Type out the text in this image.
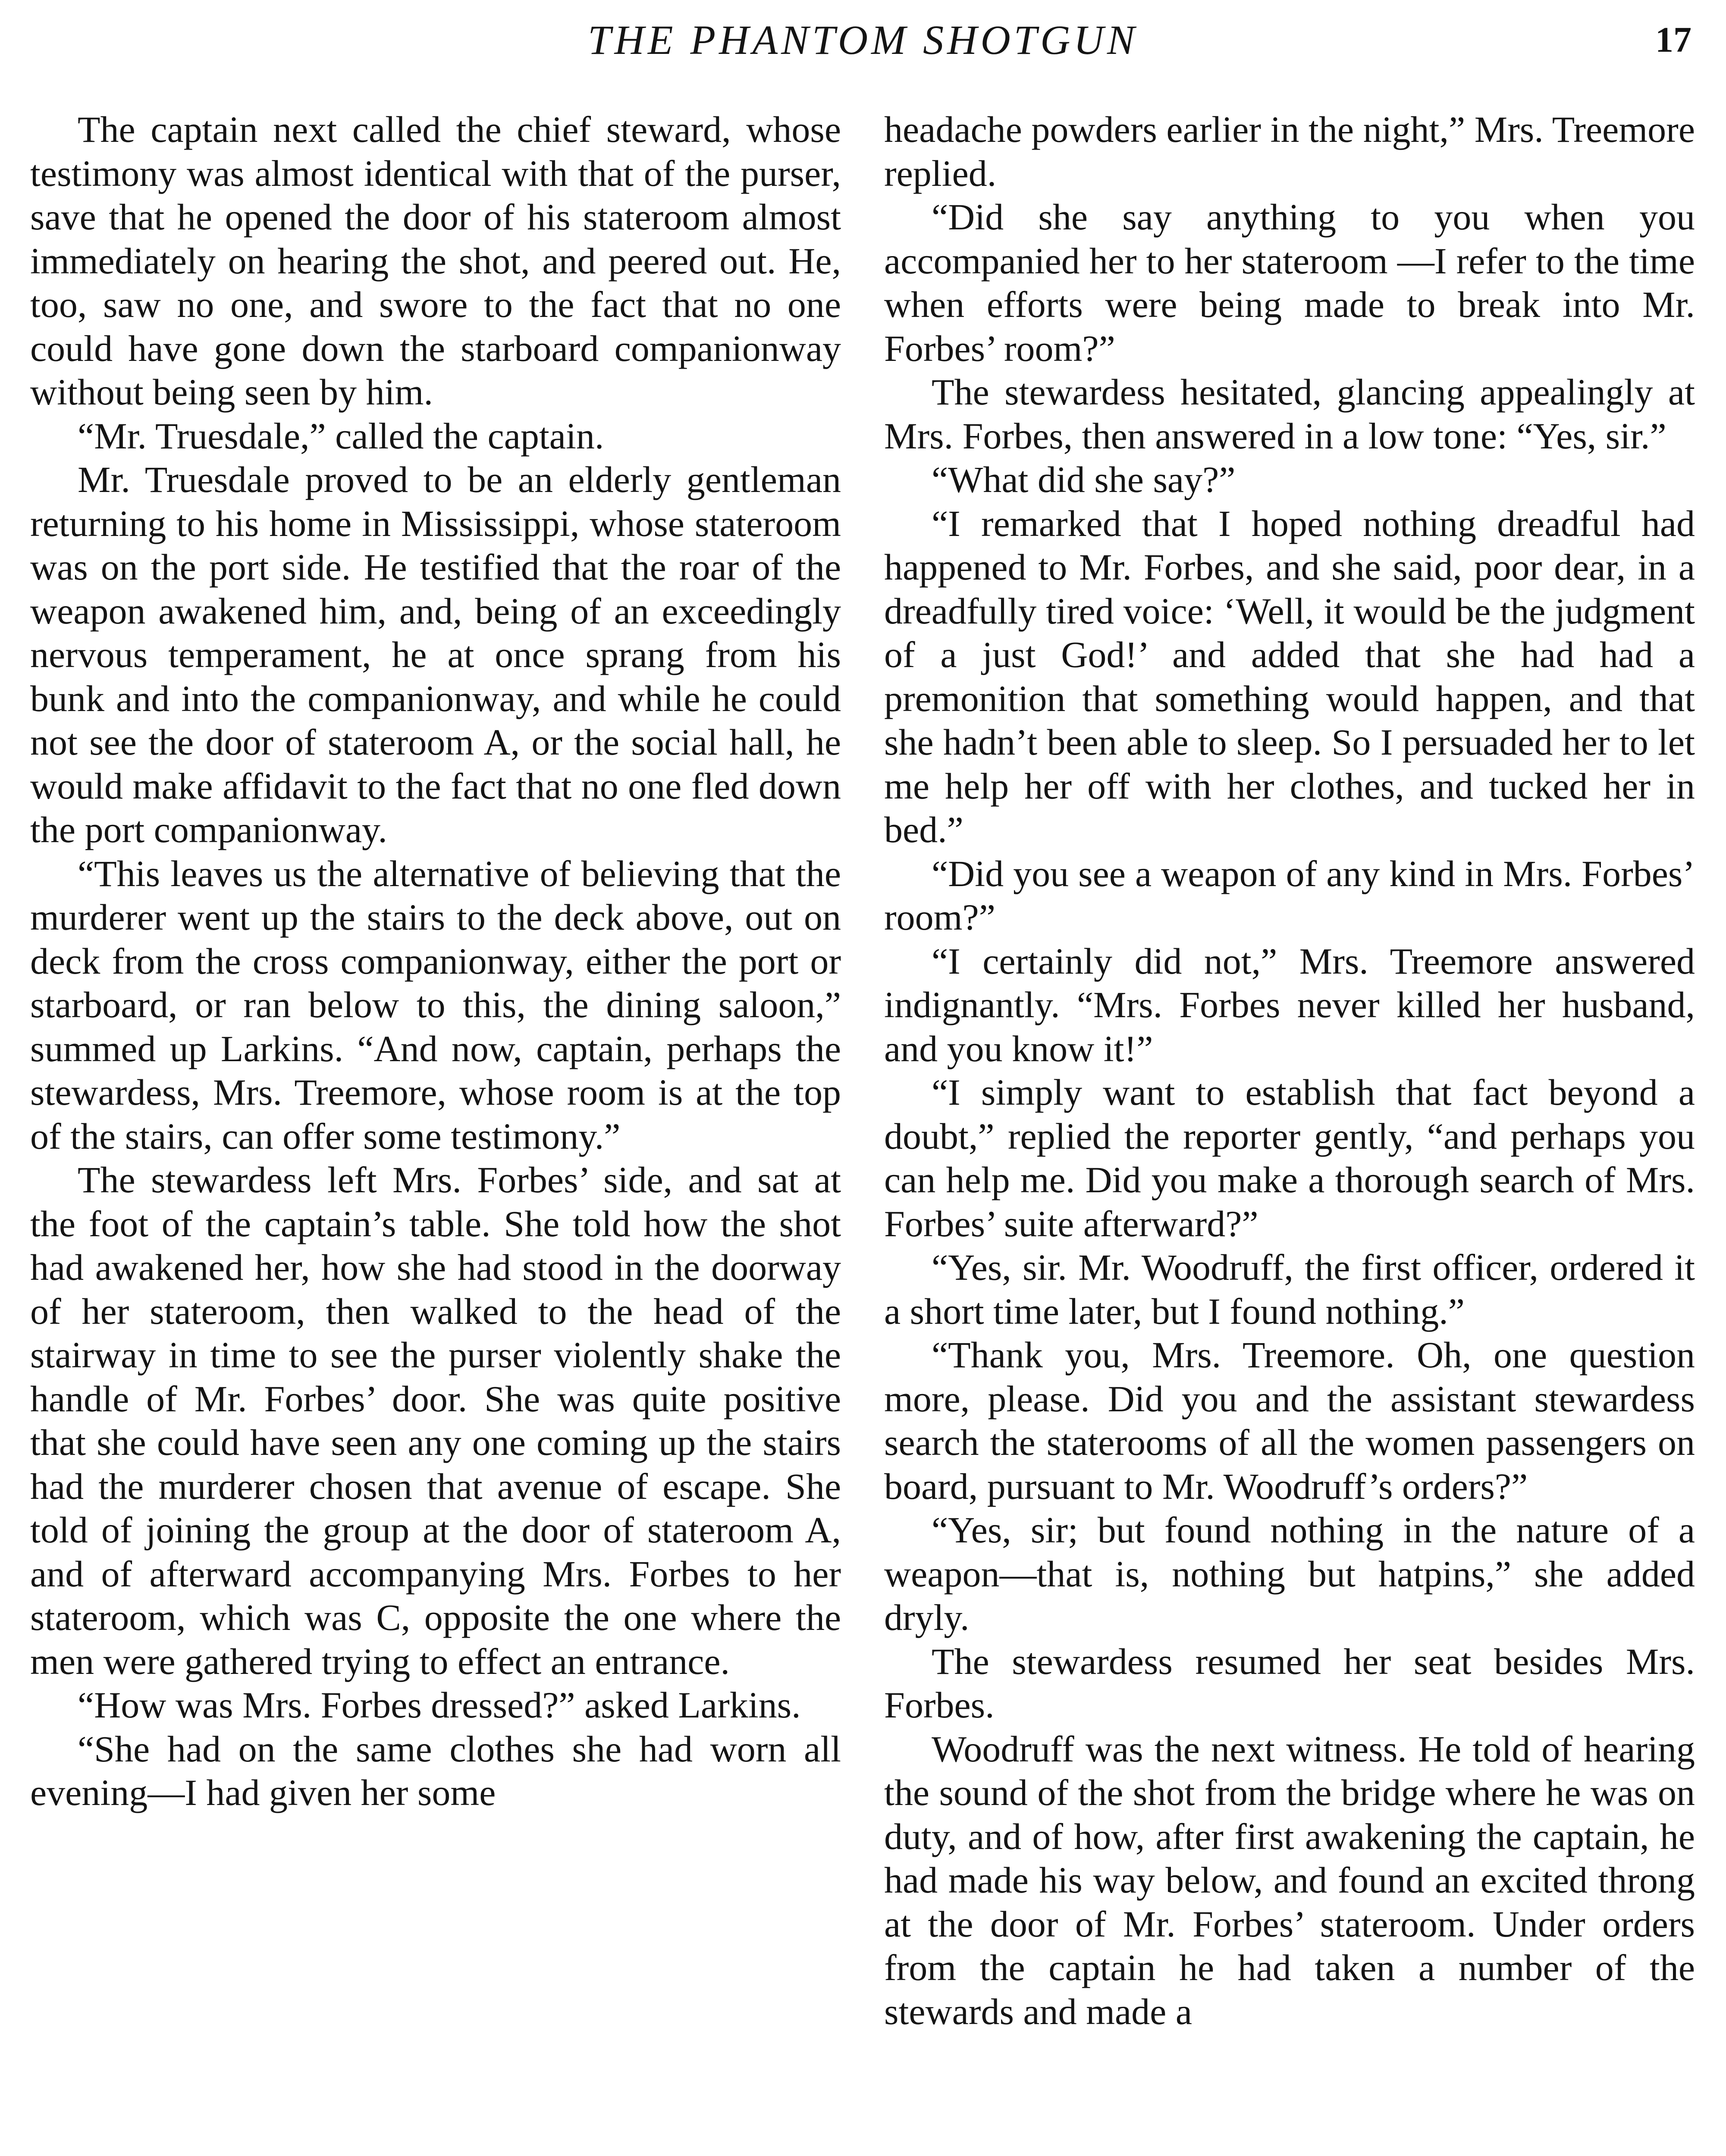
THE PHANTOM SHOTGUN	17

The captain next called the chief steward, whose testimony was almost identical with that of the purser, save that he opened the door of his stateroom almost immediately on hearing the shot, and peered out. He, too, saw no one, and swore to the fact that no one could have gone down the starboard companionway without being seen by him.

“Mr. Truesdale,” called the captain.

Mr. Truesdale proved to be an elderly gentleman returning to his home in Mississippi, whose stateroom was on the port side. He testified that the roar of the weapon awakened him, and, being of an exceedingly nervous temperament, he at once sprang from his bunk and into the companionway, and while he could not see the door of stateroom A, or the social hall, he would make affidavit to the fact that no one fled down the port companionway.

“This leaves us the alternative of believing that the murderer went up the stairs to the deck above, out on deck from the cross companionway, either the port or starboard, or ran below to this, the dining saloon,” summed up Larkins. “And now, captain, perhaps the stewardess, Mrs. Treemore, whose room is at the top of the stairs, can offer some testimony.”

The stewardess left Mrs. Forbes’ side, and sat at the foot of the captain’s table. She told how the shot had awakened her, how she had stood in the doorway of her stateroom, then walked to the head of the stairway in time to see the purser violently shake the handle of Mr. Forbes’ door. She was quite positive that she could have seen any one coming up the stairs had the murderer chosen that avenue of escape. She told of joining the group at the door of stateroom A, and of afterward accompanying Mrs. Forbes to her stateroom, which was C, opposite the one where the men were gathered trying to effect an entrance.

“How was Mrs. Forbes dressed?” asked Larkins.

“She had on the same clothes she had worn all evening—I had given her some

headache powders earlier in the night,” Mrs. Treemore replied.

“Did she say anything to you when you accompanied her to her stateroom —I refer to the time when efforts were being made to break into Mr. Forbes’ room?”

The stewardess hesitated, glancing appealingly at Mrs. Forbes, then answered in a low tone: “Yes, sir.”

“What did she say?”

“I remarked that I hoped nothing dreadful had happened to Mr. Forbes, and she said, poor dear, in a dreadfully tired voice: ‘Well, it would be the judgment of a just God!’ and added that she had had a premonition that something would happen, and that she hadn’t been able to sleep. So I persuaded her to let me help her off with her clothes, and tucked her in bed.”

“Did you see a weapon of any kind in Mrs. Forbes’ room?”

“I certainly did not,” Mrs. Treemore answered indignantly. “Mrs. Forbes never killed her husband, and you know it!”

“I simply want to establish that fact beyond a doubt,” replied the reporter gently, “and perhaps you can help me. Did you make a thorough search of Mrs. Forbes’ suite afterward?”

“Yes, sir. Mr. Woodruff, the first officer, ordered it a short time later, but I found nothing.”

“Thank you, Mrs. Treemore. Oh, one question more, please. Did you and the assistant stewardess search the staterooms of all the women passengers on board, pursuant to Mr. Woodruff’s orders?”

“Yes, sir; but found nothing in the nature of a weapon—that is, nothing but hatpins,” she added dryly.

The stewardess resumed her seat besides Mrs. Forbes.

Woodruff was the next witness. He told of hearing the sound of the shot from the bridge where he was on duty, and of how, after first awakening the captain, he had made his way below, and found an excited throng at the door of Mr. Forbes’ stateroom. Under orders from the captain he had taken a number of the stewards and made a
